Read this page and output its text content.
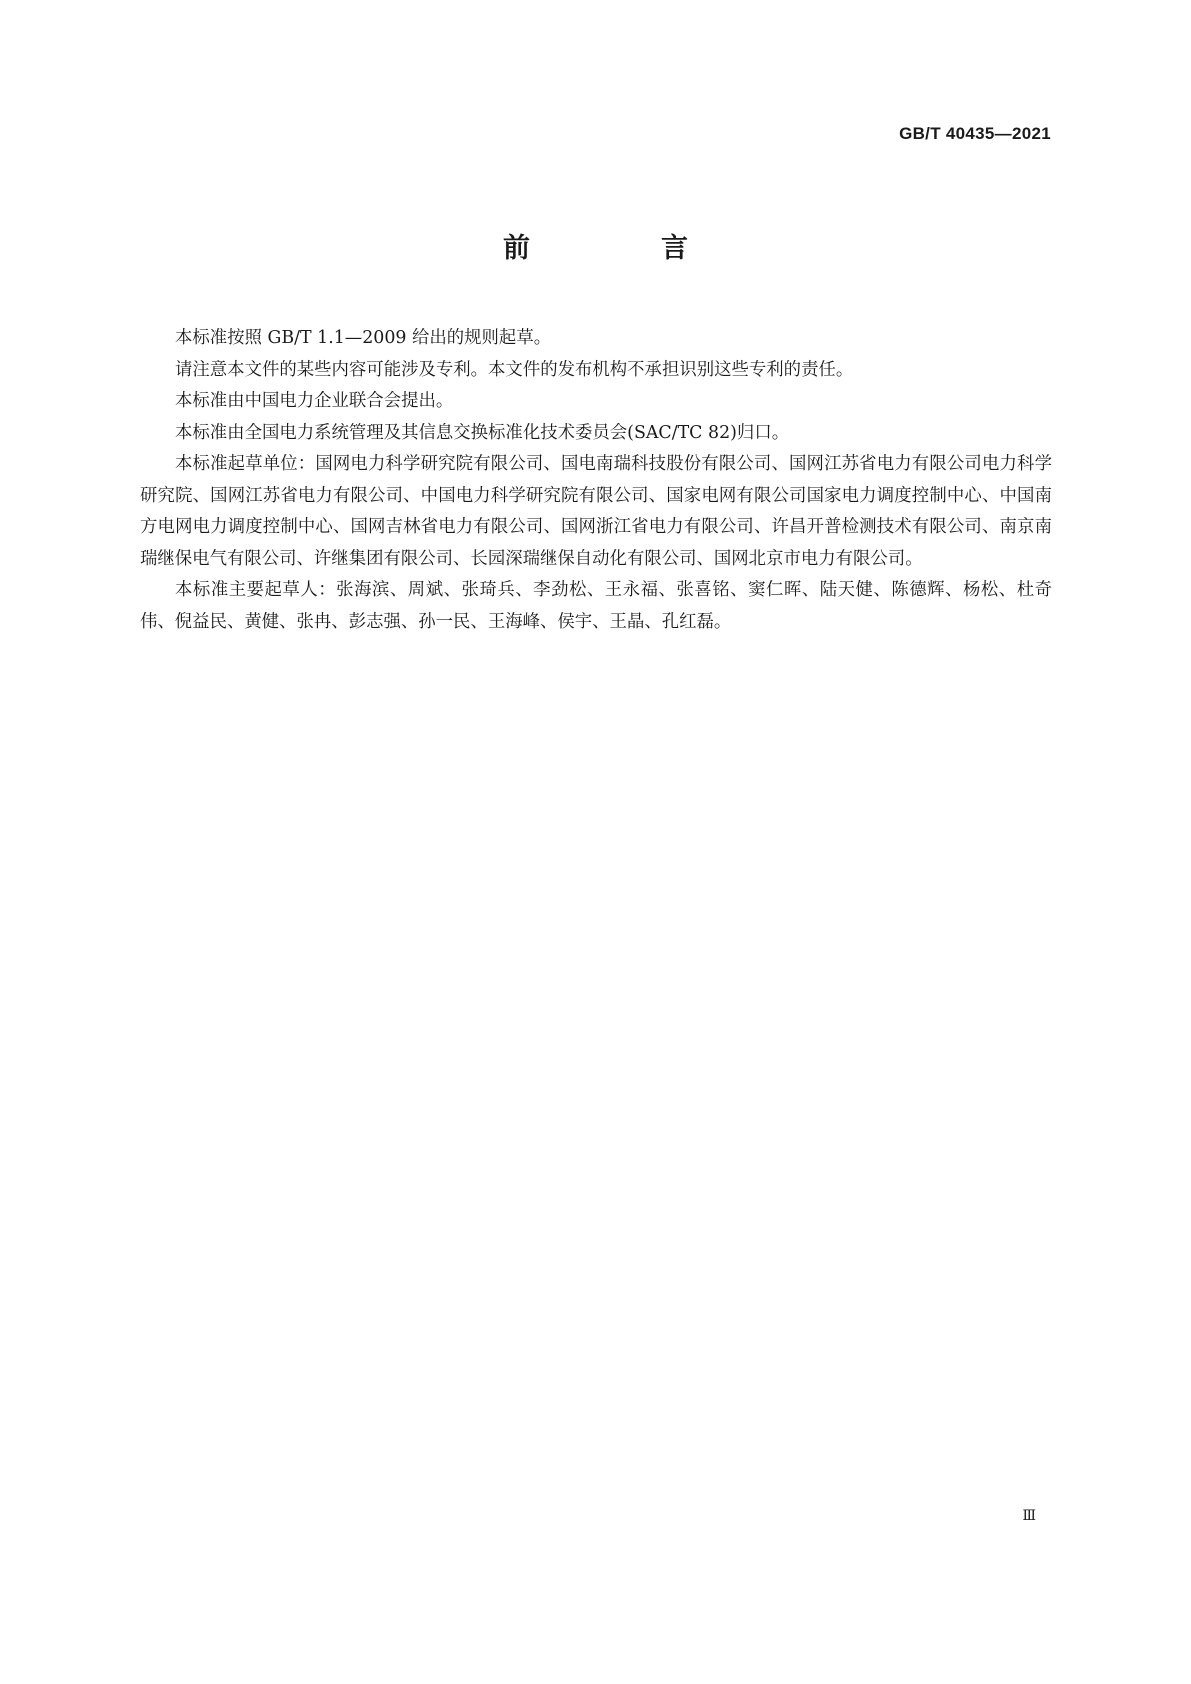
GB/T 40435—2021
前　言

本标准按照 GB/T 1.1—2009 给出的规则起草。

请注意本文件的某些内容可能涉及专利。本文件的发布机构不承担识别这些专利的责任。

本标准由中国电力企业联合会提出。

本标准由全国电力系统管理及其信息交换标准化技术委员会(SAC/TC 82)归口。

本标准起草单位：国网电力科学研究院有限公司、国电南瑞科技股份有限公司、国网江苏省电力有限公司电力科学研究院、国网江苏省电力有限公司、中国电力科学研究院有限公司、国家电网有限公司国家电力调度控制中心、中国南方电网电力调度控制中心、国网吉林省电力有限公司、国网浙江省电力有限公司、许昌开普检测技术有限公司、南京南瑞继保电气有限公司、许继集团有限公司、长园深瑞继保自动化有限公司、国网北京市电力有限公司。

本标准主要起草人：张海滨、周斌、张琦兵、李劲松、王永福、张喜铭、窦仁晖、陆天健、陈德辉、杨松、杜奇伟、倪益民、黄健、张冉、彭志强、孙一民、王海峰、侯宇、王晶、孔红磊。

Ⅲ
